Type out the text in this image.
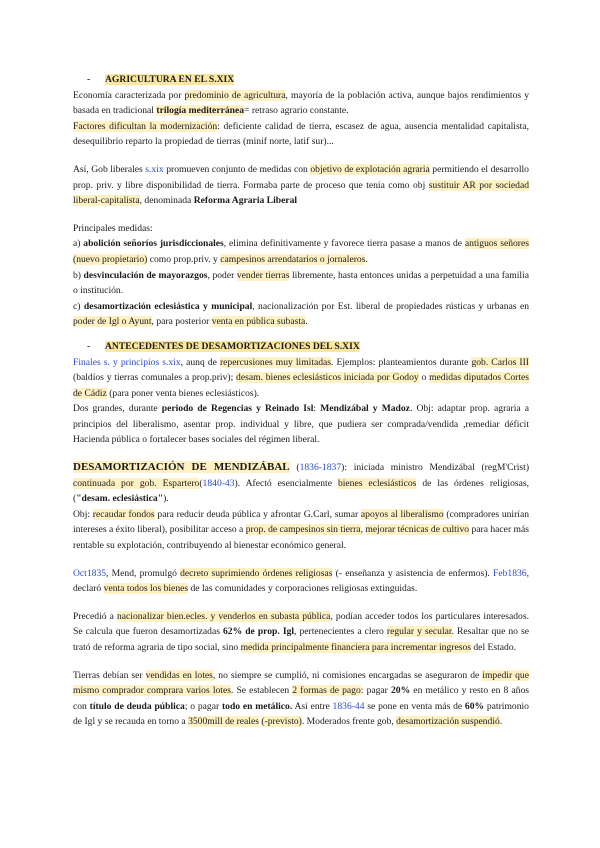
- AGRICULTURA EN EL S.XIX

Economía caracterizada por predominio de agricultura, mayoría de la población activa, aunque bajos rendimientos y basada en tradicional trilogía mediterránea= retraso agrario constante.

Factores dificultan la modernización: deficiente calidad de tierra, escasez de agua, ausencia mentalidad capitalista, desequilibrio reparto la propiedad de tierras (minif norte, latif sur)...

Así, Gob liberales s.xix promueven conjunto de medidas con objetivo de explotación agraria permitiendo el desarrollo prop. priv. y libre disponibilidad de tierra. Formaba parte de proceso que tenía como obj sustituir AR por sociedad liberal-capitalista, denominada Reforma Agraria Liberal

Principales medidas:

a) abolición señoríos jurisdiccionales, elimina definitivamente y favorece tierra pasase a manos de antiguos señores (nuevo propietario) como prop.priv. y campesinos arrendatarios o jornaleros.

b) desvinculación de mayorazgos, poder vender tierras libremente, hasta entonces unidas a perpetuidad a una familia o institución.

c) desamortización eclesiástica y municipal, nacionalización por Est. liberal de propiedades rústicas y urbanas en poder de Igl o Ayunt, para posterior venta en pública subasta.

- ANTECEDENTES DE DESAMORTIZACIONES DEL S.XIX

Finales s. y principios s.xix, aunq de repercusiones muy limitadas. Ejemplos: planteamientos durante gob. Carlos III (baldíos y tierras comunales a prop.priv); desam. bienes eclesiásticos iniciada por Godoy o medidas diputados Cortes de Cádiz (para poner venta bienes eclesiásticos).

Dos grandes, durante periodo de Regencias y Reinado Isl: Mendizábal y Madoz. Obj: adaptar prop. agraria a principios del liberalismo, asentar prop. individual y libre, que pudiera ser comprada/vendida ,remediar déficit Hacienda pública o fortalecer bases sociales del régimen liberal.

DESAMORTIZACIÓN DE MENDIZÁBAL (1836-1837): iniciada ministro Mendizábal (regM'Crist) continuada por gob. Espartero(1840-43). Afectó esencialmente bienes eclesiásticos de las órdenes religiosas, ("desam. eclesiástica").

Obj: recaudar fondos para reducir deuda pública y afrontar G.Carl, sumar apoyos al liberalismo (compradores unirían intereses a éxito liberal), posibilitar acceso a prop. de campesinos sin tierra, mejorar técnicas de cultivo para hacer más rentable su explotación, contribuyendo al bienestar económico general.

Oct1835, Mend, promulgó decreto suprimiendo órdenes religiosas (- enseñanza y asistencia de enfermos). Feb1836, declaró venta todos los bienes de las comunidades y corporaciones religiosas extinguidas.

Precedió a nacionalizar bien.ecles. y venderlos en subasta pública, podían acceder todos los particulares interesados. Se calcula que fueron desamortizadas 62% de prop. Igl, pertenecientes a clero regular y secular. Resaltar que no se trató de reforma agraria de tipo social, sino medida principalmente financiera para incrementar ingresos del Estado.

Tierras debían ser vendidas en lotes, no siempre se cumplió, ni comisiones encargadas se aseguraron de impedir que mismo comprador comprara varios lotes. Se establecen 2 formas de pago: pagar 20% en metálico y resto en 8 años con título de deuda pública; o pagar todo en metálico. Así entre 1836-44 se pone en venta más de 60% patrimonio de Igl y se recauda en torno a 3500mill de reales (-previsto). Moderados frente gob, desamortización suspendió.
